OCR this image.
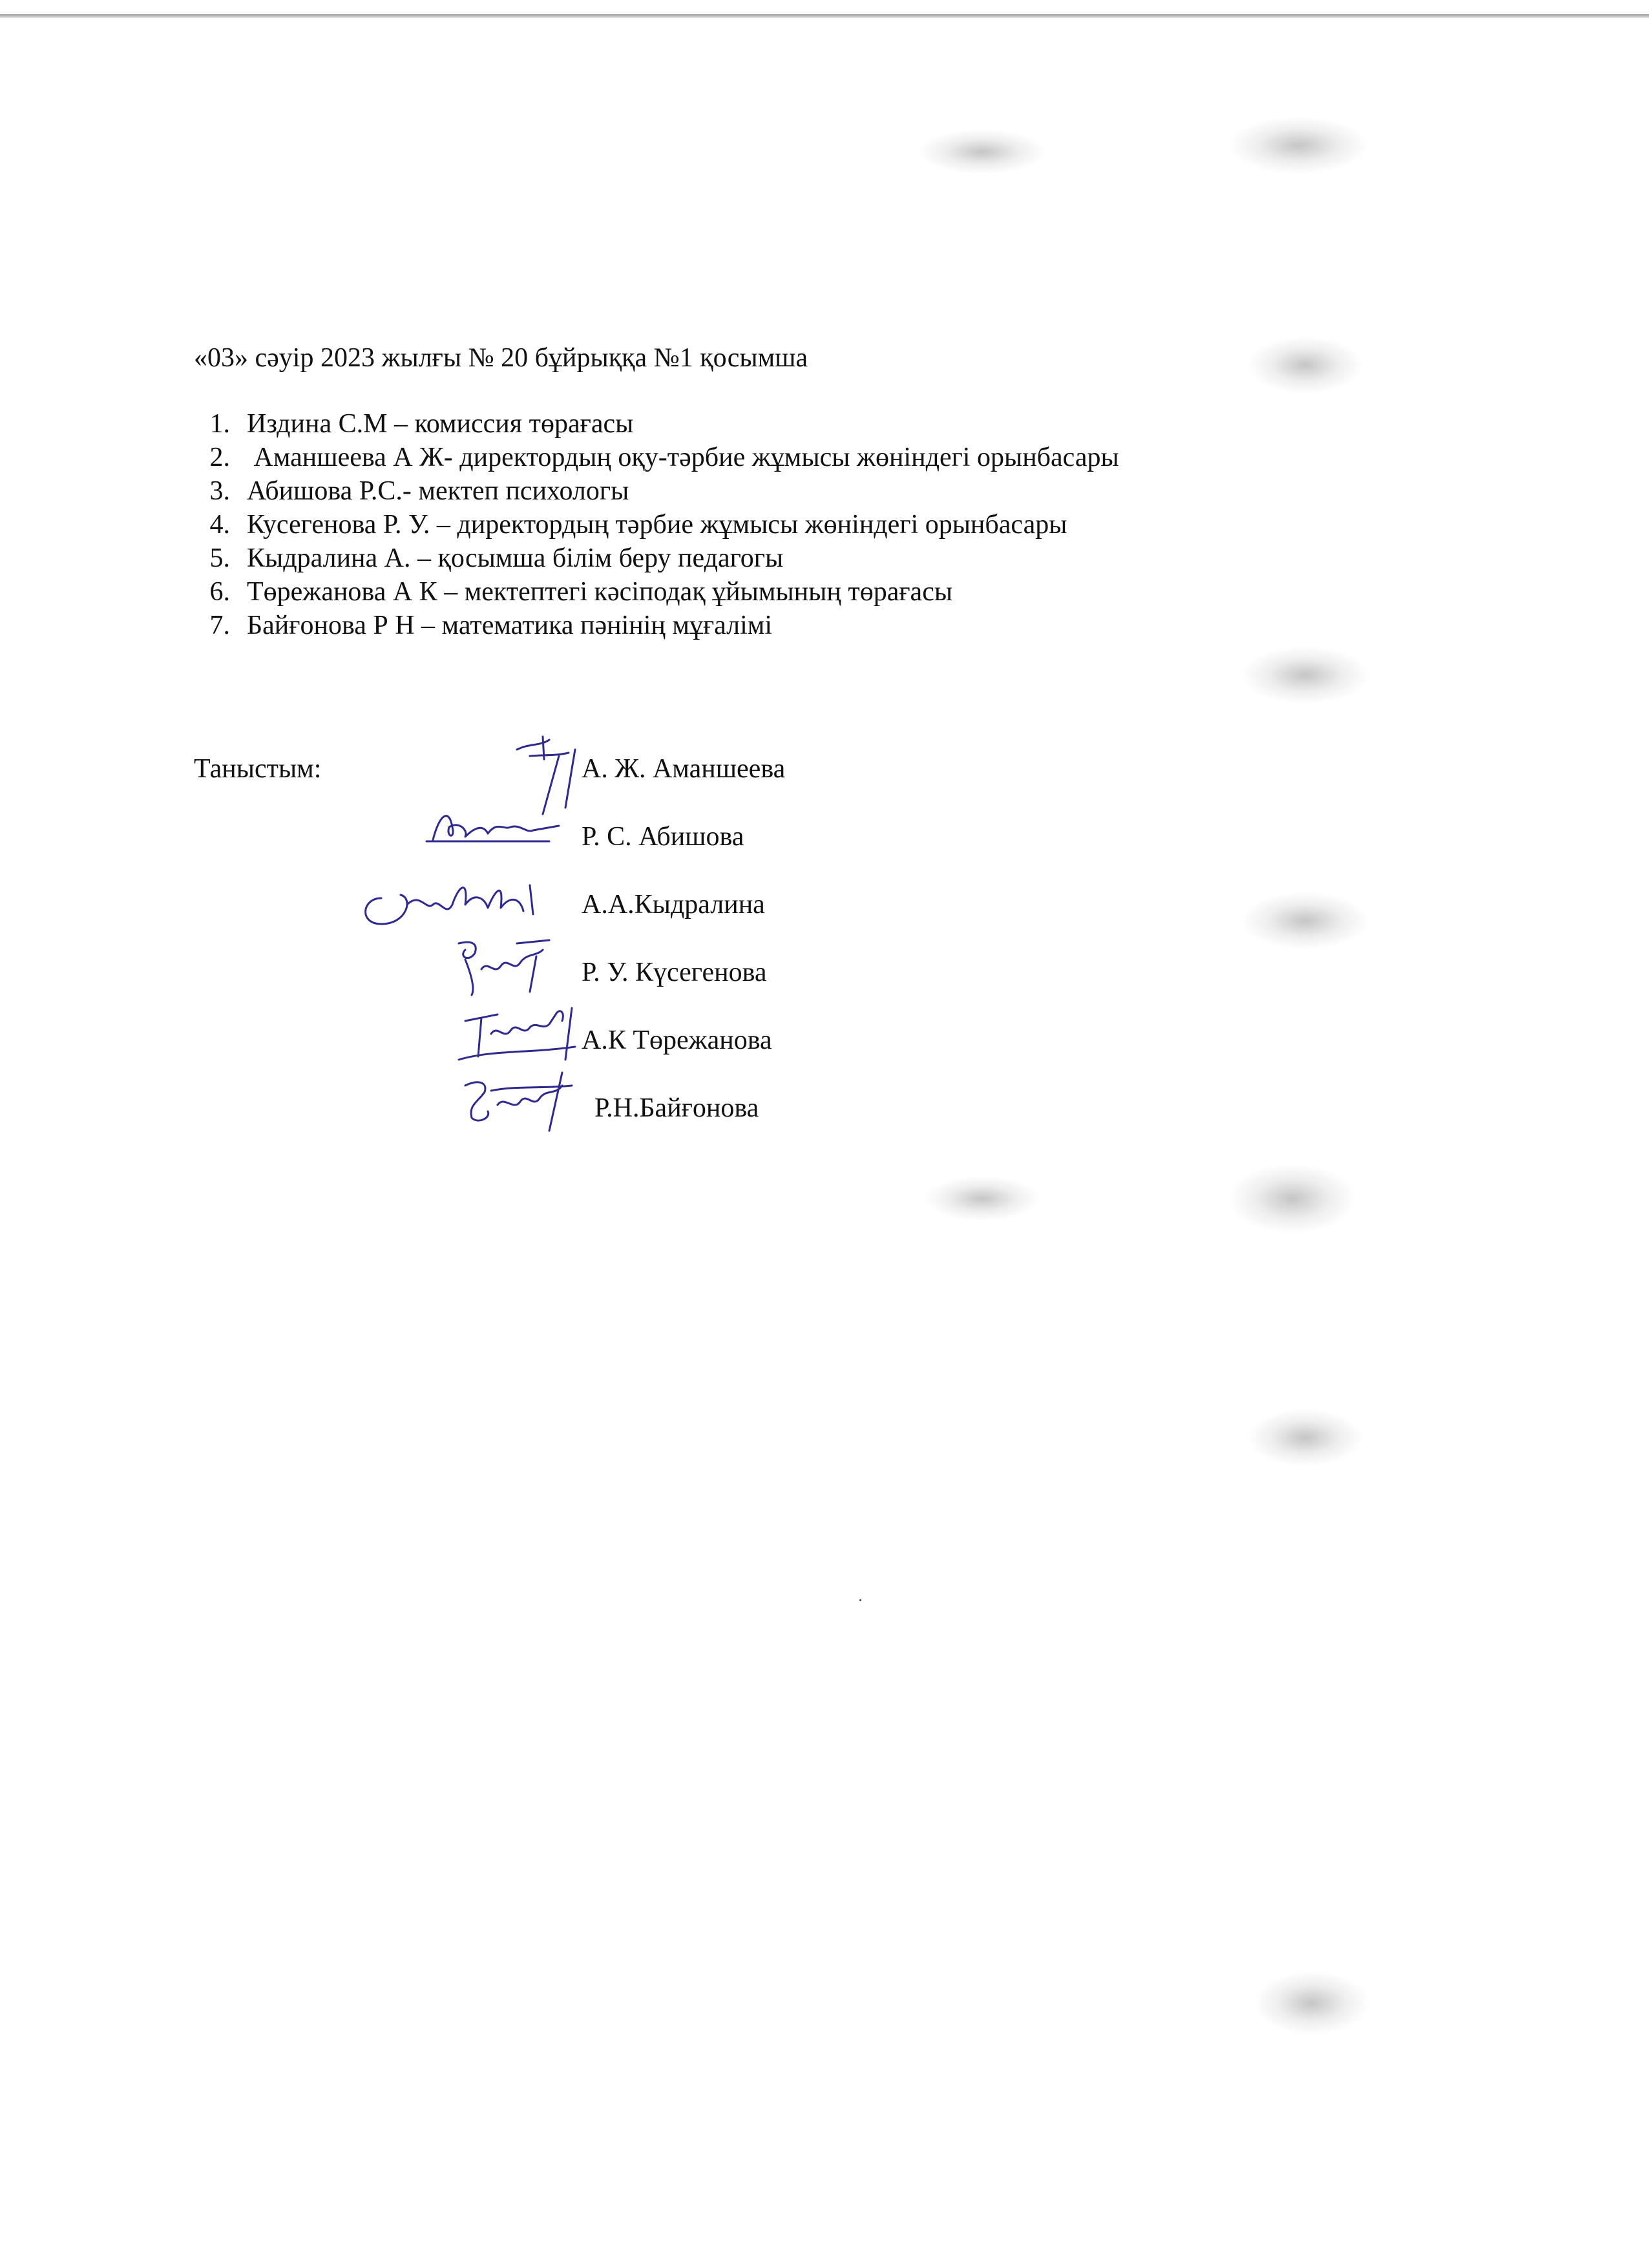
«03» сәуір 2023 жылғы № 20 бұйрыққа №1 қосымша
1. Издина С.М – комиссия төрағасы
2. Аманшеева А Ж- директордың оқу-тәрбие жұмысы жөніндегі орынбасары
3. Абишова Р.С.- мектеп психологы
4. Кусегенова Р. У. – директордың тәрбие жұмысы жөніндегі орынбасары
5. Кыдралина А. – қосымша білім беру педагогы
6. Төрежанова А К – мектептегі кәсіподақ ұйымының төрағасы
7. Байғонова Р Н – математика пәнінің мұғалімі
Таныстым:	А. Ж. Аманшеева
Р. С. Абишова
А.А.Кыдралина
Р. У. Күсегенова
А.К Төрежанова
Р.Н.Байғонова
